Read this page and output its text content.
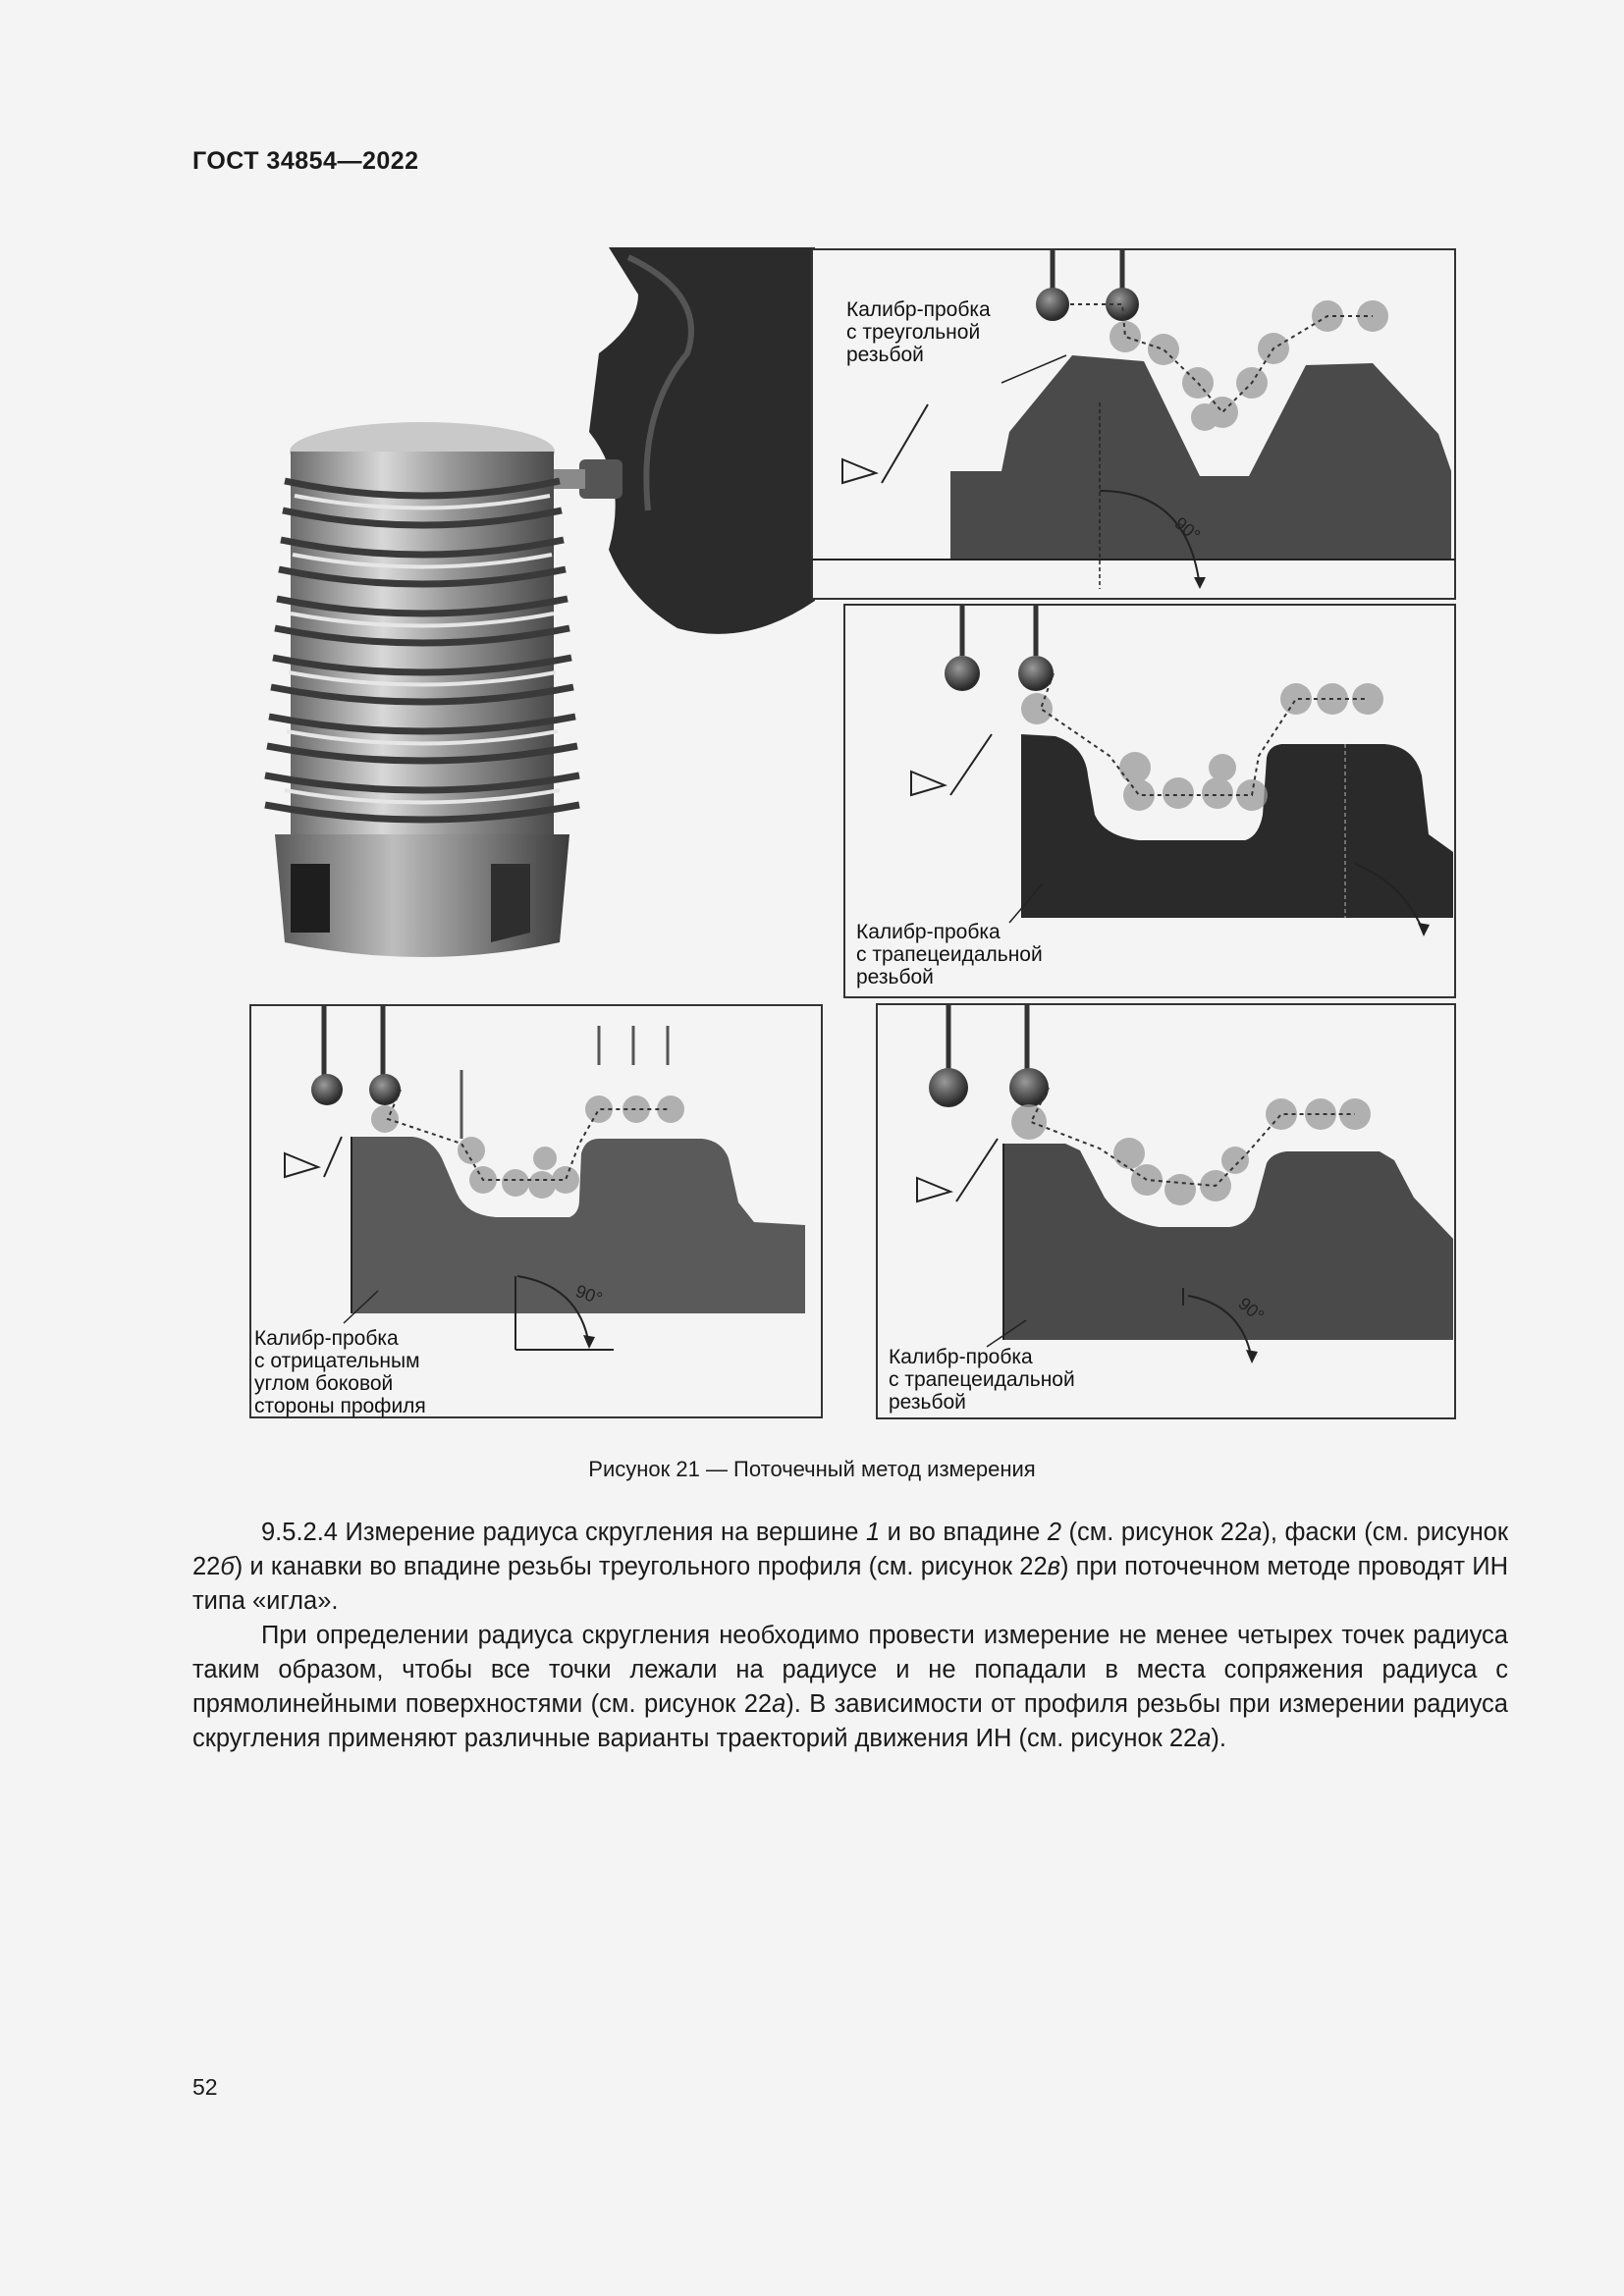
ГОСТ 34854—2022
90°
90°	90°
Калибр-пробка
с треугольной
резьбой
Калибр-пробка
с трапецеидальной
резьбой
Калибр-пробка
с отрицательным
углом боковой
стороны профиля
Калибр-пробка
с трапецеидальной
резьбой
Рисунок 21 — Поточечный метод измерения

9.5.2.4 Измерение радиуса скругления на вершине 1 и во впадине 2 (см. рисунок 22а), фаски (см. рисунок 22б) и канавки во впадине резьбы треугольного профиля (см. рисунок 22в) при поточечном методе проводят ИН типа «игла».

При определении радиуса скругления необходимо провести измерение не менее четырех точек радиуса таким образом, чтобы все точки лежали на радиусе и не попадали в места сопряжения радиуса с прямолинейными поверхностями (см. рисунок 22а). В зависимости от профиля резьбы при измерении радиуса скругления применяют различные варианты траекторий движения ИН (см. рисунок 22а).

52
